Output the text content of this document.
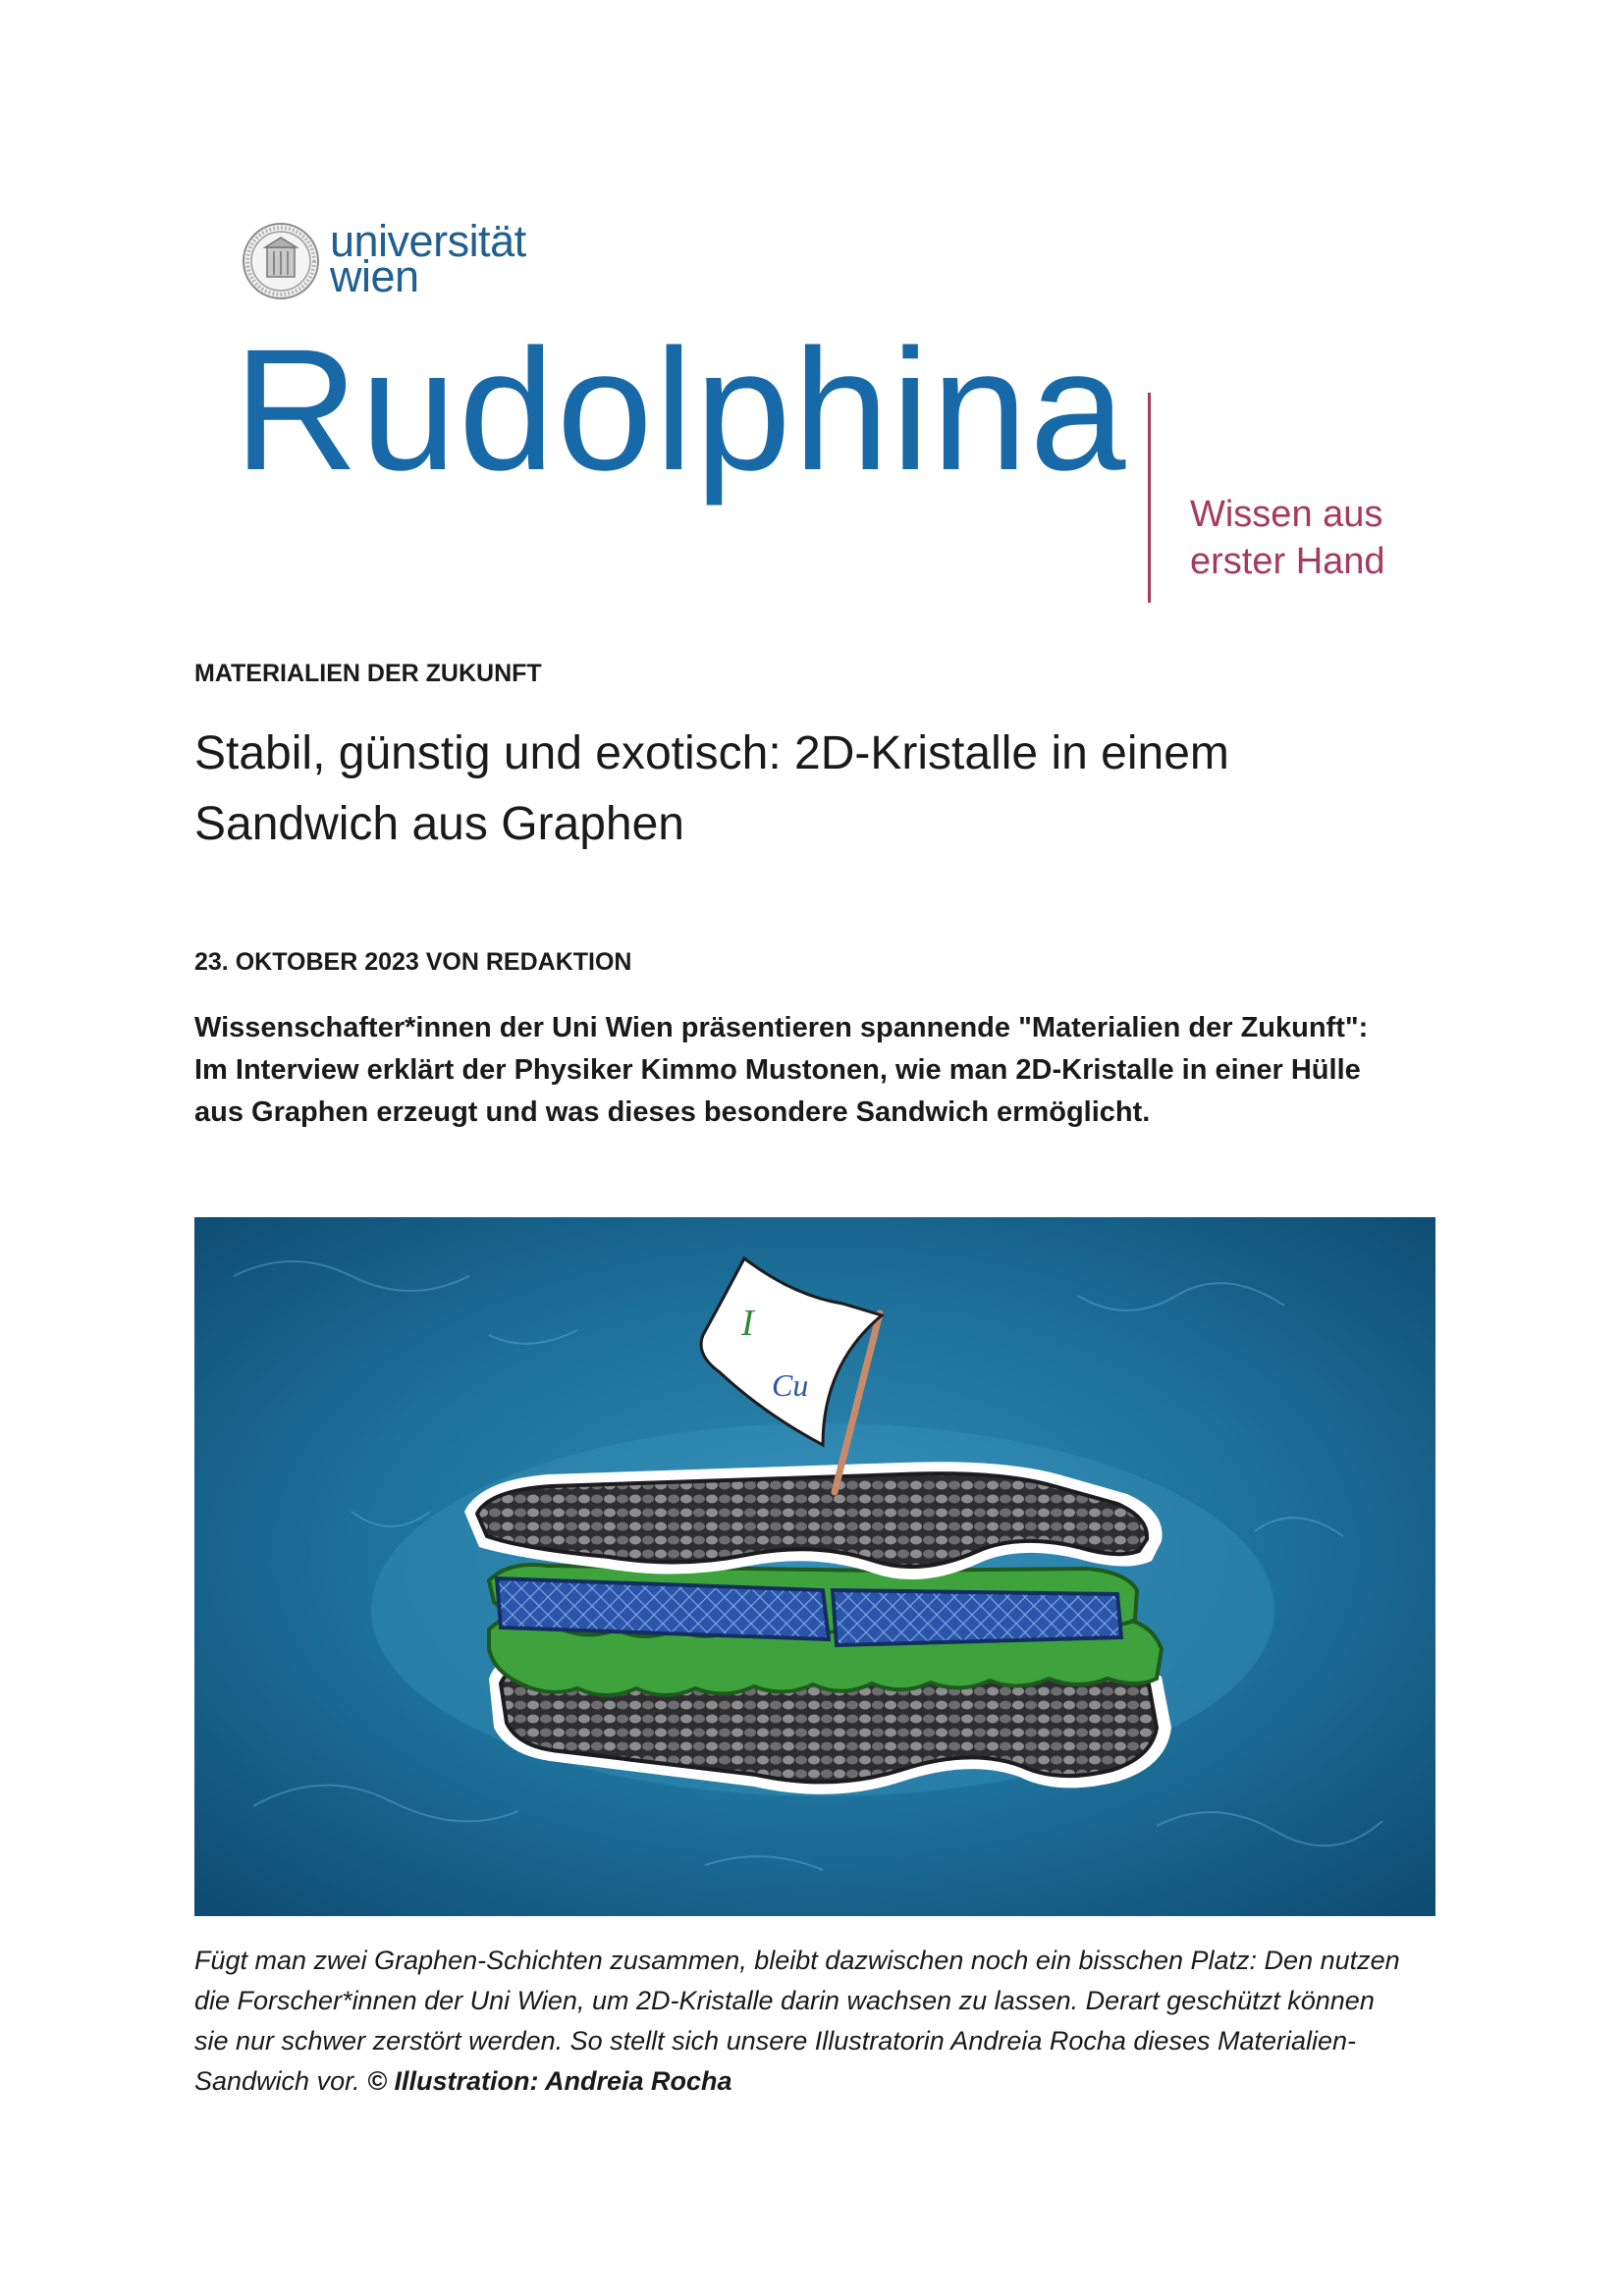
universität
wien
Rudolphina
Wissen aus
erster Hand
MATERIALIEN DER ZUKUNFT
Stabil, günstig und exotisch: 2D-Kristalle in einem
Sandwich aus Graphen
23. OKTOBER 2023 VON REDAKTION

Wissenschafter*innen der Uni Wien präsentieren spannende "Materialien der Zukunft":
Im Interview erklärt der Physiker Kimmo Mustonen, wie man 2D-Kristalle in einer Hülle
aus Graphen erzeugt und was dieses besondere Sandwich ermöglicht.

I
Cu

Fügt man zwei Graphen-Schichten zusammen, bleibt dazwischen noch ein bisschen Platz: Den nutzen
die Forscher*innen der Uni Wien, um 2D-Kristalle darin wachsen zu lassen. Derart geschützt können
sie nur schwer zerstört werden. So stellt sich unsere Illustratorin Andreia Rocha dieses Materialien-
Sandwich vor. © Illustration: Andreia Rocha
